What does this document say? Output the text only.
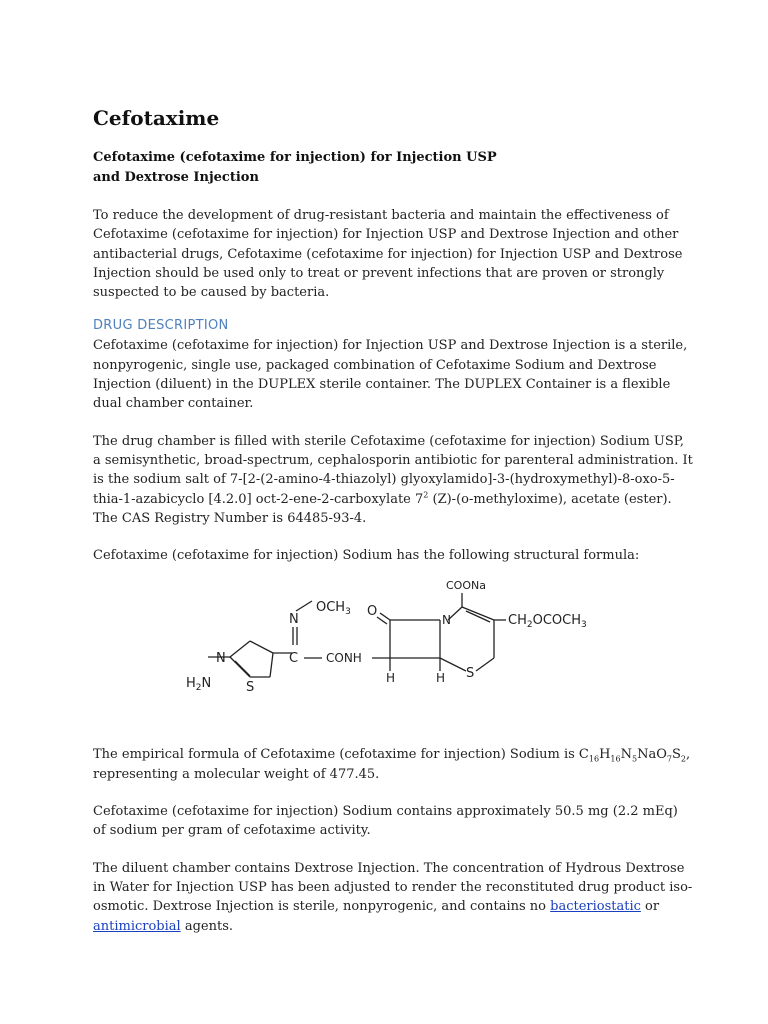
Cefotaxime
Cefotaxime (cefotaxime for injection) for Injection USP
and Dextrose Injection

To reduce the development of drug-resistant bacteria and maintain the effectiveness of Cefotaxime (cefotaxime for injection) for Injection USP and Dextrose Injection and other antibacterial drugs, Cefotaxime (cefotaxime for injection) for Injection USP and Dextrose Injection should be used only to treat or prevent infections that are proven or strongly suspected to be caused by bacteria.

DRUG DESCRIPTION

Cefotaxime (cefotaxime for injection) for Injection USP and Dextrose Injection is a sterile, nonpyrogenic, single use, packaged combination of Cefotaxime Sodium and Dextrose Injection (diluent) in the DUPLEX sterile container. The DUPLEX Container is a flexible dual chamber container.

The drug chamber is filled with sterile Cefotaxime (cefotaxime for injection) Sodium USP, a semisynthetic, broad-spectrum, cephalosporin antibiotic for parenteral administration. It is the sodium salt of 7-[2-(2-amino-4-thiazolyl) glyoxylamido]-3-(hydroxymethyl)-8-oxo-5-thia-1-azabicyclo [4.2.0] oct-2-ene-2-carboxylate $7^2$ (Z)-(o-methyloxime), acetate (ester). The CAS Registry Number is 64485-93-4.

Cefotaxime (cefotaxime for injection) Sodium has the following structural formula:

The empirical formula of Cefotaxime (cefotaxime for injection) Sodium is $C_{16}H_{16}N_5NaO_7S_2$, representing a molecular weight of 477.45.

Cefotaxime (cefotaxime for injection) Sodium contains approximately 50.5 mg (2.2 mEq) of sodium per gram of cefotaxime activity.

The diluent chamber contains Dextrose Injection. The concentration of Hydrous Dextrose in Water for Injection USP has been adjusted to render the reconstituted drug product iso-osmotic. Dextrose Injection is sterile, nonpyrogenic, and contains no bacteriostatic or antimicrobial agents.

$OCH_3$
N
C CONH
N
S
$H_2N$
O
N
S
H	H
COONa
$CH_2OCOCH_3$
